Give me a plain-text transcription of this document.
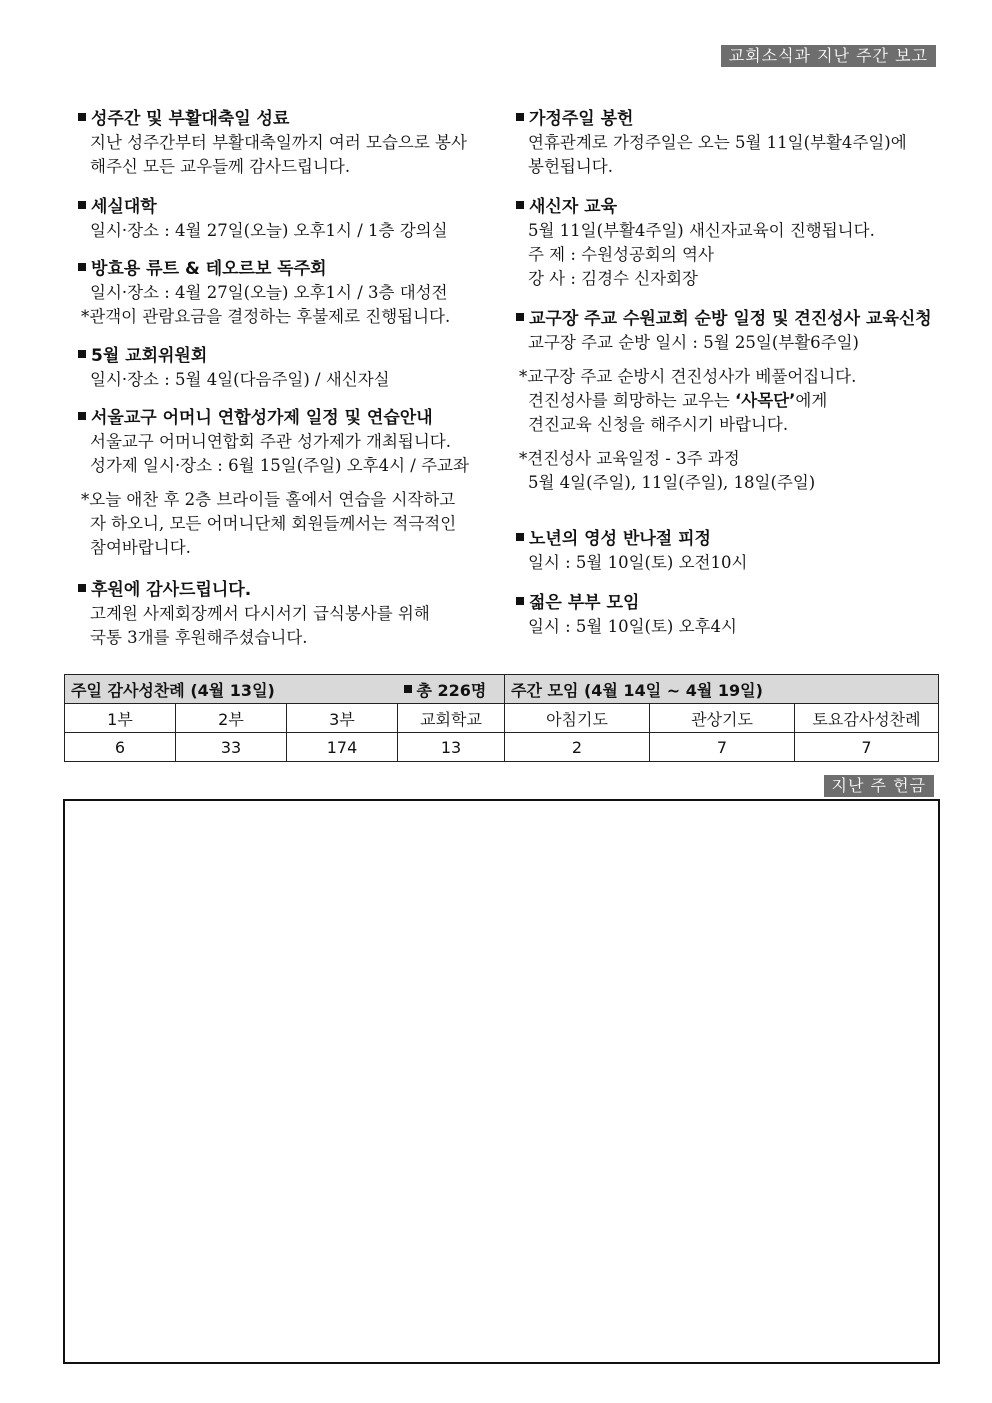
교회소식과 지난 주간 보고
성주간 및 부활대축일 성료
지난 성주간부터 부활대축일까지 여러 모습으로 봉사
해주신 모든 교우들께 감사드립니다.
세실대학
일시·장소 : 4월 27일(오늘) 오후1시 / 1층 강의실
방효용 류트 & 테오르보 독주회
일시·장소 : 4월 27일(오늘) 오후1시 / 3층 대성전
*관객이 관람요금을 결정하는 후불제로 진행됩니다.
5월 교회위원회
일시·장소 : 5월 4일(다음주일) / 새신자실
서울교구 어머니 연합성가제 일정 및 연습안내
서울교구 어머니연합회 주관 성가제가 개최됩니다.
성가제 일시·장소 : 6월 15일(주일) 오후4시 / 주교좌
*오늘 애찬 후 2층 브라이들 홀에서 연습을 시작하고
자 하오니, 모든 어머니단체 회원들께서는 적극적인
참여바랍니다.
후원에 감사드립니다.
고계원 사제회장께서 다시서기 급식봉사를 위해
국통 3개를 후원해주셨습니다.
가정주일 봉헌
연휴관계로 가정주일은 오는 5월 11일(부활4주일)에
봉헌됩니다.
새신자 교육
5월 11일(부활4주일) 새신자교육이 진행됩니다.
주 제 : 수원성공회의 역사
강 사 : 김경수 신자회장
교구장 주교 수원교회 순방 일정 및 견진성사 교육신청
교구장 주교 순방 일시 : 5월 25일(부활6주일)
*교구장 주교 순방시 견진성사가 베풀어집니다.
견진성사를 희망하는 교우는 ‘사목단’에게
견진교육 신청을 해주시기 바랍니다.
*견진성사 교육일정 - 3주 과정
5월 4일(주일), 11일(주일), 18일(주일)
노년의 영성 반나절 피정
일시 : 5월 10일(토) 오전10시
젊은 부부 모임
일시 : 5월 10일(토) 오후4시
주일 감사성찬례 (4월 13일)			총 226명	주간 모임 (4월 14일 ~ 4월 19일)		
1부	2부	3부	교회학교	아침기도	관상기도	토요감사성찬례
6	33	174	13	2	7	7
지난 주 헌금
